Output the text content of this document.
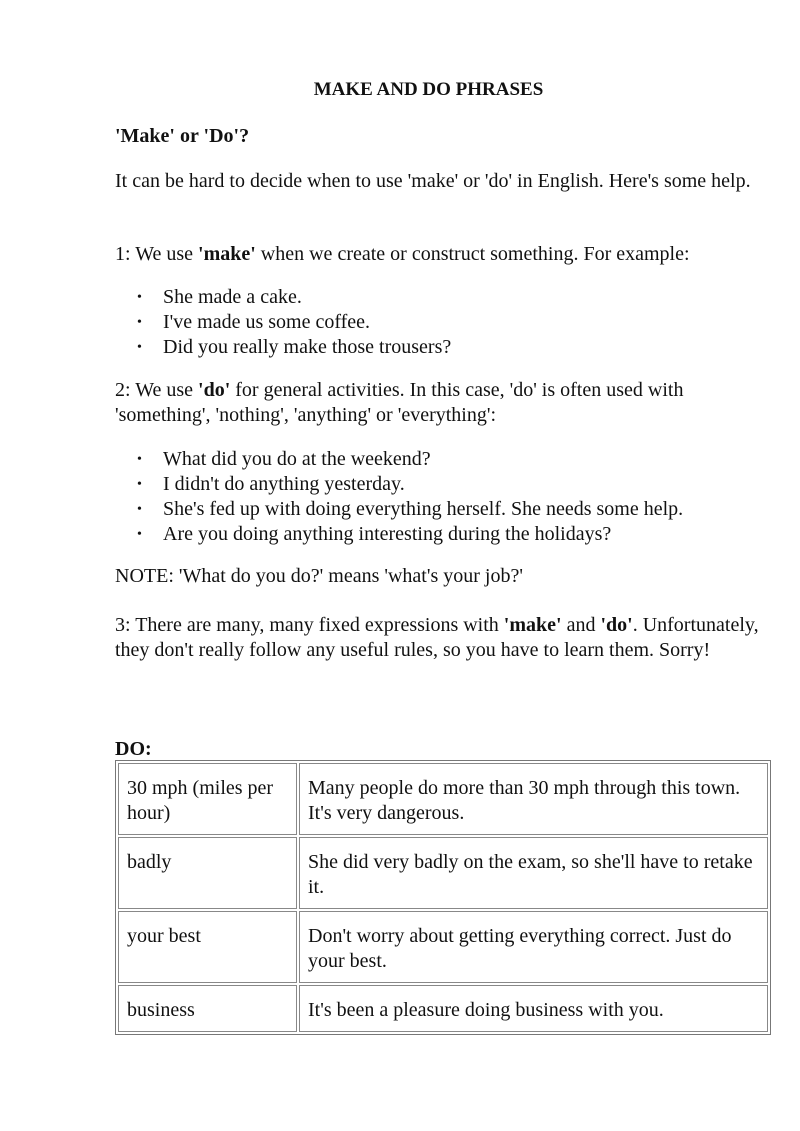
MAKE AND DO PHRASES
'Make' or 'Do'?

It can be hard to decide when to use 'make' or 'do' in English. Here's some help.

1: We use 'make' when we create or construct something. For example:

• She made a cake.
• I've made us some coffee.
• Did you really make those trousers?

2: We use 'do' for general activities. In this case, 'do' is often used with 'something', 'nothing', 'anything' or 'everything':

• What did you do at the weekend?
• I didn't do anything yesterday.
• She's fed up with doing everything herself. She needs some help.
• Are you doing anything interesting during the holidays?

NOTE: 'What do you do?' means 'what's your job?'

3: There are many, many fixed expressions with 'make' and 'do'. Unfortunately, they don't really follow any useful rules, so you have to learn them. Sorry!

DO:
30 mph (miles per hour)	Many people do more than 30 mph through this town. It's very dangerous.
badly	She did very badly on the exam, so she'll have to retake it.
your best	Don't worry about getting everything correct. Just do your best.
business	It's been a pleasure doing business with you.
